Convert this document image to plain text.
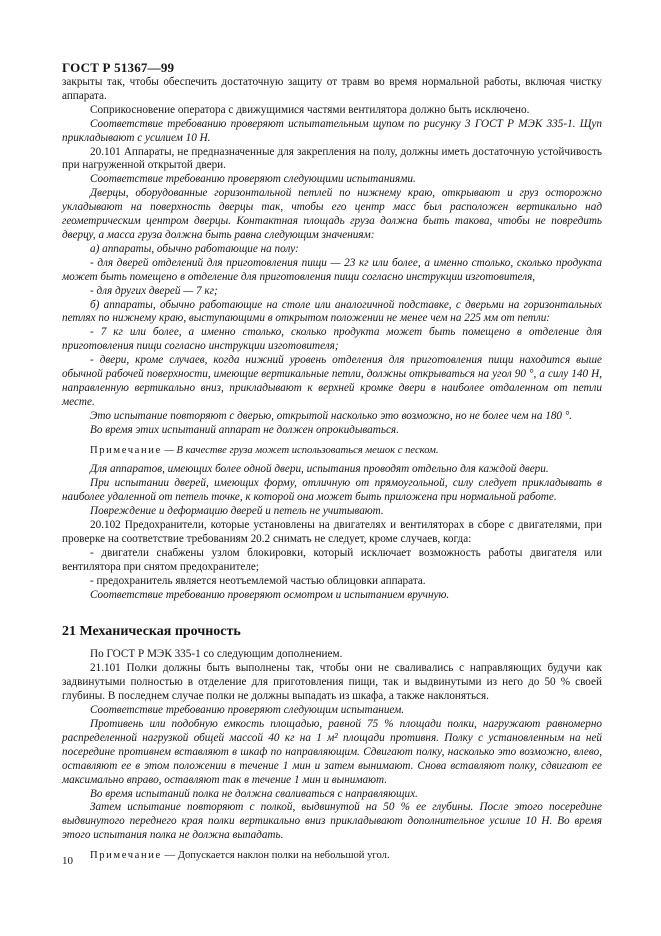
ГОСТ Р 51367—99

закрыты так, чтобы обеспечить достаточную защиту от травм во время нормальной работы, включая чистку аппарата.

Соприкосновение оператора с движущимися частями вентилятора должно быть исключено.

Соответствие требованию проверяют испытательным щупом по рисунку 3 ГОСТ Р МЭК 335-1. Щуп прикладывают с усилием 10 Н.

20.101 Аппараты, не предназначенные для закрепления на полу, должны иметь достаточную устойчивость при нагруженной открытой двери.

Соответствие требованию проверяют следующими испытаниями.

Дверцы, оборудованные горизонтальной петлей по нижнему краю, открывают и груз осторожно укладывают на поверхность дверцы так, чтобы его центр масс был расположен вертикально над геометрическим центром дверцы. Контактная площадь груза должна быть такова, чтобы не повредить дверцу, а масса груза должна быть равна следующим значениям:

а) аппараты, обычно работающие на полу:

- для дверей отделений для приготовления пищи — 23 кг или более, а именно столько, сколько продукта может быть помещено в отделение для приготовления пищи согласно инструкции изготовителя,

- для других дверей — 7 кг;

б) аппараты, обычно работающие на столе или аналогичной подставке, с дверьми на горизонтальных петлях по нижнему краю, выступающими в открытом положении не менее чем на 225 мм от петли:

- 7 кг или более, а именно столько, сколько продукта может быть помещено в отделение для приготовления пищи согласно инструкции изготовителя;

- двери, кроме случаев, когда нижний уровень отделения для приготовления пищи находится выше обычной рабочей поверхности, имеющие вертикальные петли, должны открываться на угол 90 °, а силу 140 Н, направленную вертикально вниз, прикладывают к верхней кромке двери в наиболее отдаленном от петли месте.

Это испытание повторяют с дверью, открытой насколько это возможно, но не более чем на 180 °.

Во время этих испытаний аппарат не должен опрокидываться.

Примечание — В качестве груза может использоваться мешок с песком.

Для аппаратов, имеющих более одной двери, испытания проводят отдельно для каждой двери.

При испытании дверей, имеющих форму, отличную от прямоугольной, силу следует прикладывать в наиболее удаленной от петель точке, к которой она может быть приложена при нормальной работе.

Повреждение и деформацию дверей и петель не учитывают.

20.102 Предохранители, которые установлены на двигателях и вентиляторах в сборе с двигателями, при проверке на соответствие требованиям 20.2 снимать не следует, кроме случаев, когда:

- двигатели снабжены узлом блокировки, который исключает возможность работы двигателя или вентилятора при снятом предохранителе;

- предохранитель является неотъемлемой частью облицовки аппарата.

Соответствие требованию проверяют осмотром и испытанием вручную.

21 Механическая прочность

По ГОСТ Р МЭК 335-1 со следующим дополнением.

21.101 Полки должны быть выполнены так, чтобы они не сваливались с направляющих будучи как задвинутыми полностью в отделение для приготовления пищи, так и выдвинутыми из него до 50 % своей глубины. В последнем случае полки не должны выпадать из шкафа, а также наклоняться.

Соответствие требованию проверяют следующим испытанием.

Противень или подобную емкость площадью, равной 75 % площади полки, нагружают равномерно распределенной нагрузкой общей массой 40 кг на 1 м² площади противня. Полку с установленным на ней посередине противнем вставляют в шкаф по направляющим. Сдвигают полку, насколько это возможно, влево, оставляют ее в этом положении в течение 1 мин и затем вынимают. Снова вставляют полку, сдвигают ее максимально вправо, оставляют так в течение 1 мин и вынимают.

Во время испытаний полка не должна сваливаться с направляющих.

Затем испытание повторяют с полкой, выдвинутой на 50 % ее глубины. После этого посередине выдвинутого переднего края полки вертикально вниз прикладывают дополнительное усилие 10 Н. Во время этого испытания полка не должна выпадать.

Примечание — Допускается наклон полки на небольшой угол.

10
